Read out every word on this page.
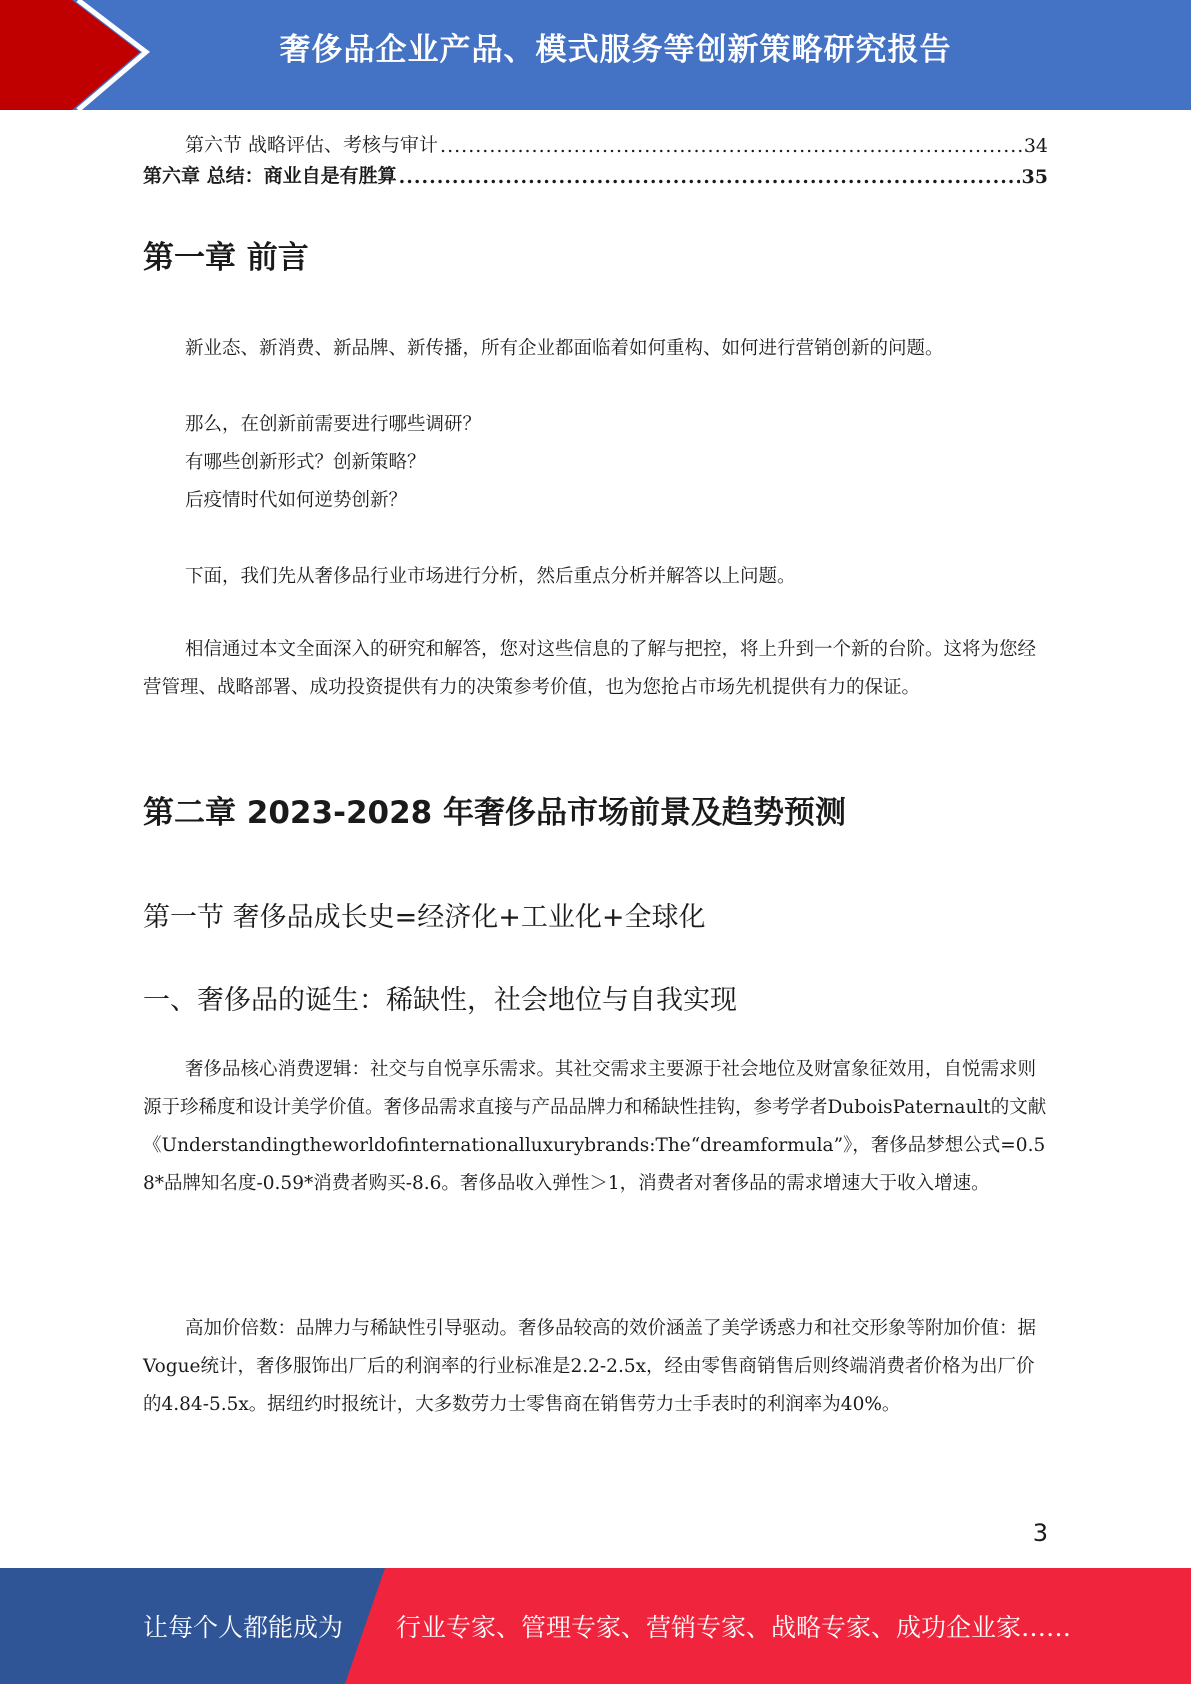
奢侈品企业产品、模式服务等创新策略研究报告
第六节 战略评估、考核与审计 .....	34
第六章 总结：商业自是有胜算 .....	35
第一章 前言
新业态、新消费、新品牌、新传播，所有企业都面临着如何重构、如何进行营销创新的问题。
那么，在创新前需要进行哪些调研？
有哪些创新形式？创新策略？
后疫情时代如何逆势创新？
下面，我们先从奢侈品行业市场进行分析，然后重点分析并解答以上问题。
相信通过本文全面深入的研究和解答，您对这些信息的了解与把控，将上升到一个新的台阶。这将为您经营管理、战略部署、成功投资提供有力的决策参考价值，也为您抢占市场先机提供有力的保证。
第二章 2023-2028 年奢侈品市场前景及趋势预测
第一节 奢侈品成长史=经济化+工业化+全球化
一、奢侈品的诞生：稀缺性，社会地位与自我实现
奢侈品核心消费逻辑：社交与自悦享乐需求。其社交需求主要源于社会地位及财富象征效用，自悦需求则源于珍稀度和设计美学价值。奢侈品需求直接与产品品牌力和稀缺性挂钩，参考学者DuboisPaternault的文献《Understandingtheworldofinternationalluxurybrands:The“dreamformula”》，奢侈品梦想公式=0.58*品牌知名度-0.59*消费者购买-8.6。奢侈品收入弹性＞1，消费者对奢侈品的需求增速大于收入增速。
高加价倍数：品牌力与稀缺性引导驱动。奢侈品较高的效价涵盖了美学诱惑力和社交形象等附加价值：据Vogue统计，奢侈服饰出厂后的利润率的行业标准是2.2-2.5x，经由零售商销售后则终端消费者价格为出厂价的4.84-5.5x。据纽约时报统计，大多数劳力士零售商在销售劳力士手表时的利润率为40%。
3
让每个人都能成为 行业专家、管理专家、营销专家、战略专家、成功企业家……
